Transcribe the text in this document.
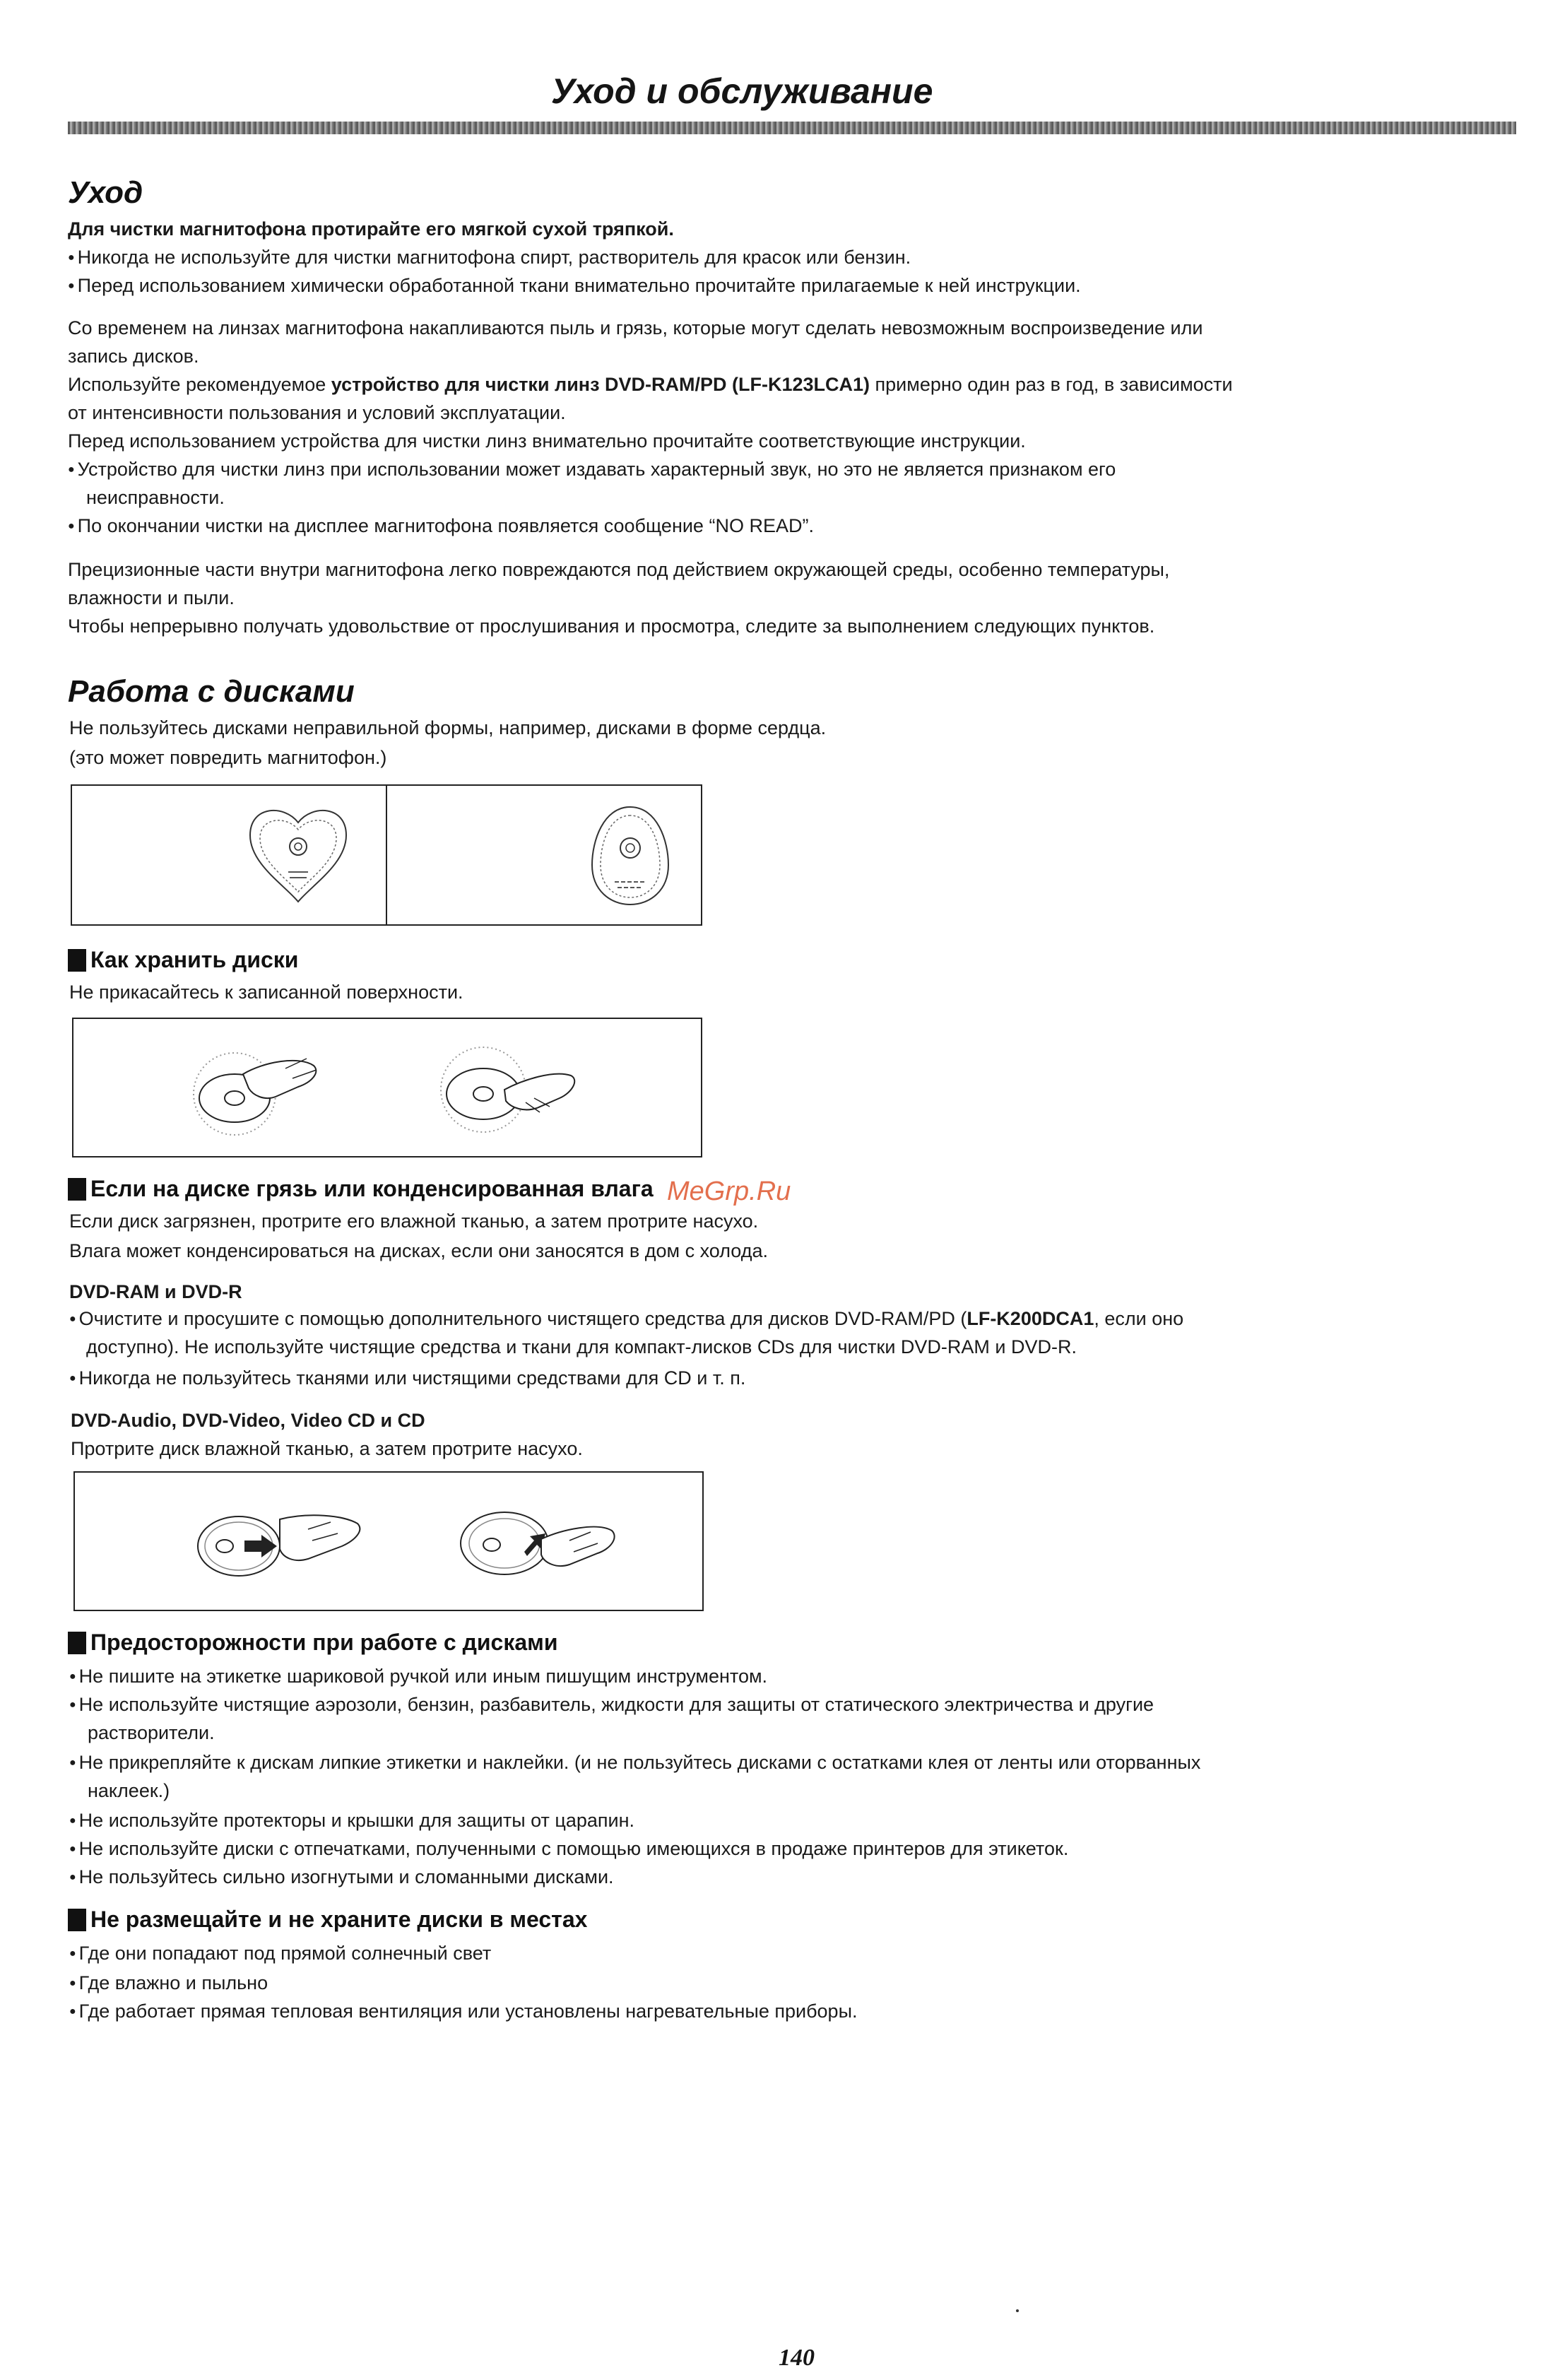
Уход и обслуживание
Уход
Для чистки магнитофона протирайте его мягкой сухой тряпкой.
● Никогда не используйте для чистки магнитофона спирт, растворитель для красок или бензин.
● Перед использованием химически обработанной ткани внимательно прочитайте прилагаемые к ней инструкции.
Со временем на линзах магнитофона накапливаются пыль и грязь, которые могут сделать невозможным воспроизведение или
запись дисков.
Используйте рекомендуемое устройство для чистки линз DVD-RAM/PD (LF-K123LCA1) примерно один раз в год, в зависимости
от интенсивности пользования и условий эксплуатации.
Перед использованием устройства для чистки линз внимательно прочитайте соответствующие инструкции.
● Устройство для чистки линз при использовании может издавать характерный звук, но это не является признаком его
неисправности.
● По окончании чистки на дисплее магнитофона появляется сообщение “NO READ”.
Прецизионные части внутри магнитофона легко повреждаются под действием окружающей среды, особенно температуры,
влажности и пыли.
Чтобы непрерывно получать удовольствие от прослушивания и просмотра, следите за выполнением следующих пунктов.
Работа с дисками
Не пользуйтесь дисками неправильной формы, например, дисками в форме сердца.
(это может повредить магнитофон.)
Как хранить диски
Не прикасайтесь к записанной поверхности.
Если на диске грязь или конденсированная влага MeGrp.Ru
Если диск загрязнен, протрите его влажной тканью, а затем протрите насухо.
Влага может конденсироваться на дисках, если они заносятся в дом с холода.
DVD-RAM и DVD-R
● Очистите и просушите с помощью дополнительного чистящего средства для дисков DVD-RAM/PD (LF-K200DCA1, если оно
доступно). Не используйте чистящие средства и ткани для компакт-лисков CDs для чистки DVD-RAM и DVD-R.
● Никогда не пользуйтесь тканями или чистящими средствами для CD и т. п.
DVD-Audio, DVD-Video, Video CD и CD
Протрите диск влажной тканью, а затем протрите насухо.
Предосторожности при работе с дисками
● Не пишите на этикетке шариковой ручкой или иным пишущим инструментом.
● Не используйте чистящие аэрозоли, бензин, разбавитель, жидкости для защиты от статического электричества и другие
растворители.
● Не прикрепляйте к дискам липкие этикетки и наклейки. (и не пользуйтесь дисками с остатками клея от ленты или оторванных
наклеек.)
● Не используйте протекторы и крышки для защиты от царапин.
● Не используйте диски с отпечатками, полученными с помощью имеющихся в продаже принтеров для этикеток.
● Не пользуйтесь сильно изогнутыми и сломанными дисками.
Не размещайте и не храните диски в местах
● Где они попадают под прямой солнечный свет
● Где влажно и пыльно
● Где работает прямая тепловая вентиляция или установлены нагревательные приборы.
140
